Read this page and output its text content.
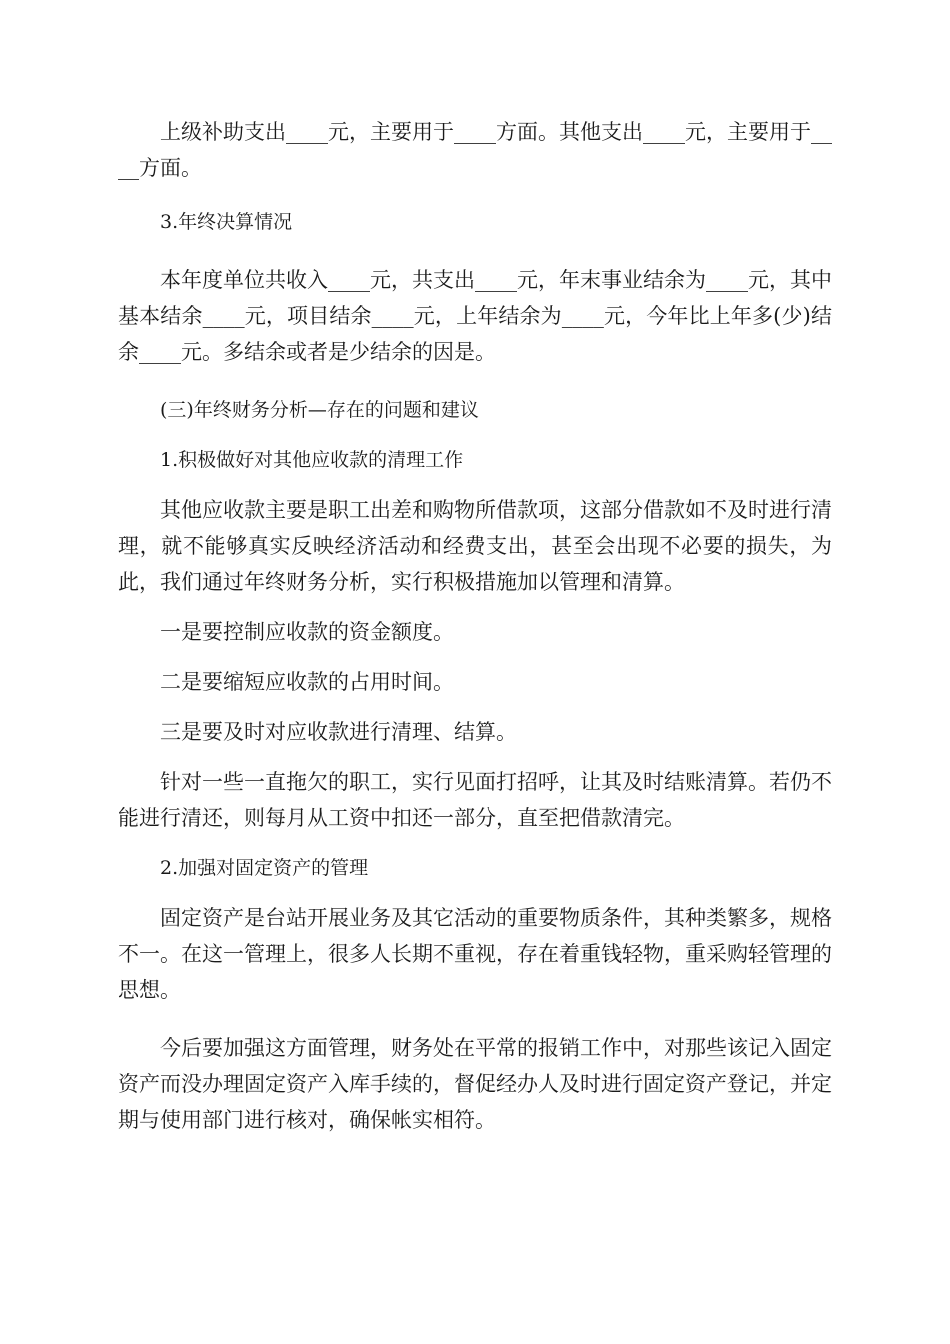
上级补助支出____元，主要用于____方面。其他支出____元，主要用于____方面。

3.年终决算情况

本年度单位共收入____元，共支出____元，年末事业结余为____元，其中基本结余____元，项目结余____元，上年结余为____元，今年比上年多(少)结余____元。多结余或者是少结余的因是。

(三)年终财务分析—存在的问题和建议

1.积极做好对其他应收款的清理工作

其他应收款主要是职工出差和购物所借款项，这部分借款如不及时进行清理，就不能够真实反映经济活动和经费支出，甚至会出现不必要的损失，为此，我们通过年终财务分析，实行积极措施加以管理和清算。

一是要控制应收款的资金额度。

二是要缩短应收款的占用时间。

三是要及时对应收款进行清理、结算。

针对一些一直拖欠的职工，实行见面打招呼，让其及时结账清算。若仍不能进行清还，则每月从工资中扣还一部分，直至把借款清完。

2.加强对固定资产的管理

固定资产是台站开展业务及其它活动的重要物质条件，其种类繁多，规格不一。在这一管理上，很多人长期不重视，存在着重钱轻物，重采购轻管理的思想。

今后要加强这方面管理，财务处在平常的报销工作中，对那些该记入固定资产而没办理固定资产入库手续的，督促经办人及时进行固定资产登记，并定期与使用部门进行核对，确保帐实相符。
